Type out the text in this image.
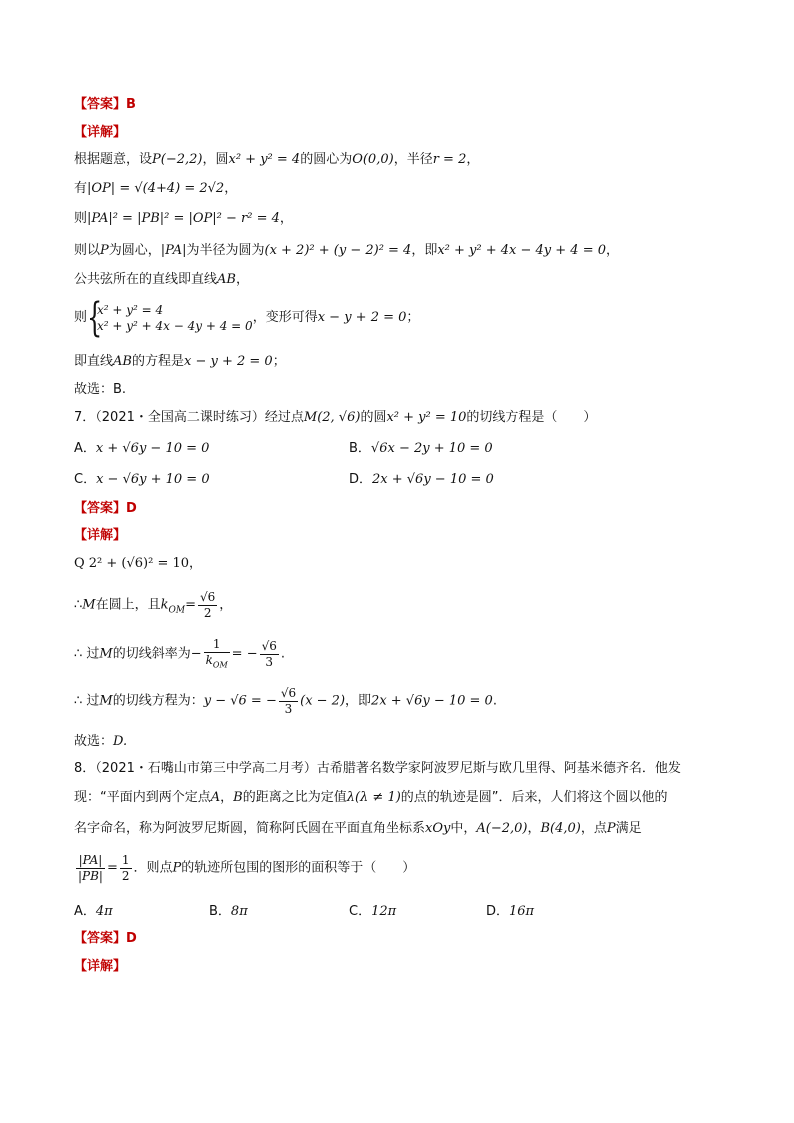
【答案】B
【详解】
根据题意，设P(−2,2)，圆x² + y² = 4的圆心为O(0,0)，半径r = 2，
有|OP| = √(4+4) = 2√2，
则|PA|² = |PB|² = |OP|² − r² = 4，
则以P为圆心，|PA|为半径为圆为(x + 2)² + (y − 2)² = 4，即x² + y² + 4x − 4y + 4 = 0，
公共弦所在的直线即直线AB，
则 {
x² + y² = 4
x² + y² + 4x − 4y + 4 = 0
，变形可得x − y + 2 = 0；
即直线AB的方程是x − y + 2 = 0；
故选：B.
7．（2021・全国高二课时练习）经过点M(2, √6)的圆x² + y² = 10的切线方程是（　　）
A．x + √6y − 10 = 0	B．√6x − 2y + 10 = 0
C．x − √6y + 10 = 0	D．2x + √6y − 10 = 0
【答案】D
【详解】
Q 2² + (√6)² = 10，
∴M在圆上，且$k_{OM}= \frac{√6}{2}$ ，
∴ 过M的切线斜率为− $\frac{1}{k_{OM}}$ = − $\frac{√6}{3}$ .
∴ 过M的切线方程为：y − √6 = − $\frac{√6}{3} (x - 2)$，即2x + √6y − 10 = 0.
故选：D.
8．（2021・石嘴山市第三中学高二月考）古希腊著名数学家阿波罗尼斯与欧几里得、阿基米德齐名．他发
现：“平面内到两个定点A，B的距离之比为定值λ(λ ≠ 1)的点的轨迹是圆”．后来，人们将这个圆以他的
名字命名，称为阿波罗尼斯圆，简称阿氏圆在平面直角坐标系xOy中，A(−2,0)，B(4,0)，点P满足
$\frac{|PA|}{|PB|} = \frac{1}{2}$ ．则点P的轨迹所包围的图形的面积等于（　　）
A．4π	B．8π	C．12π	D．16π
【答案】D
【详解】
